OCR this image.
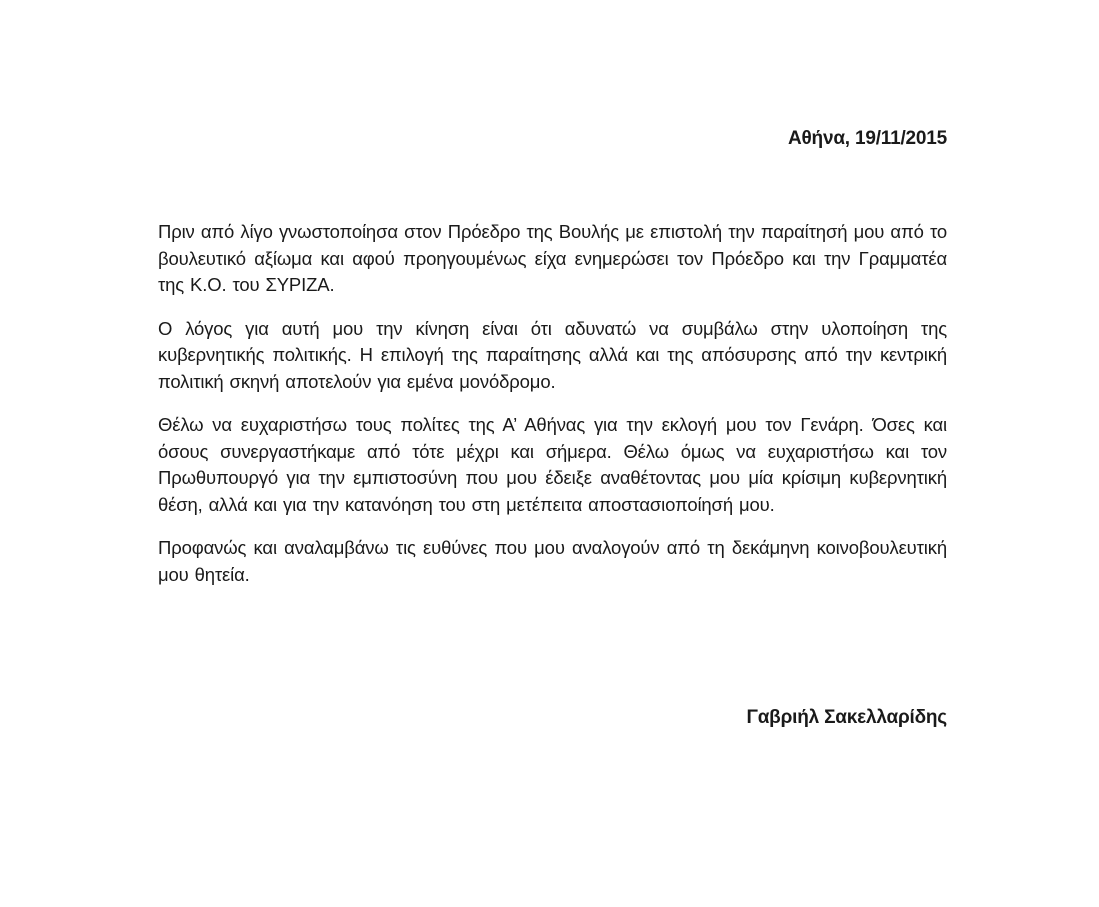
Αθήνα, 19/11/2015

Πριν από λίγο γνωστοποίησα στον Πρόεδρο της Βουλής με επιστολή την παραίτησή μου από το βουλευτικό αξίωμα και αφού προηγουμένως είχα ενημερώσει τον Πρόεδρο και την Γραμματέα της Κ.Ο. του ΣΥΡΙΖΑ.

Ο λόγος για αυτή μου την κίνηση είναι ότι αδυνατώ να συμβάλω στην υλοποίηση της κυβερνητικής πολιτικής. Η επιλογή της παραίτησης αλλά και της απόσυρσης από την κεντρική πολιτική σκηνή αποτελούν για εμένα μονόδρομο.

Θέλω να ευχαριστήσω τους πολίτες της Α’ Αθήνας για την εκλογή μου τον Γενάρη. Όσες και όσους συνεργαστήκαμε από τότε μέχρι και σήμερα. Θέλω όμως να ευχαριστήσω και τον Πρωθυπουργό για την εμπιστοσύνη που μου έδειξε αναθέτοντας μου μία κρίσιμη κυβερνητική θέση, αλλά και για την κατανόηση του στη μετέπειτα αποστασιοποίησή μου.

Προφανώς και αναλαμβάνω τις ευθύνες που μου αναλογούν από τη δεκάμηνη κοινοβουλευτική μου θητεία.

Γαβριήλ Σακελλαρίδης
